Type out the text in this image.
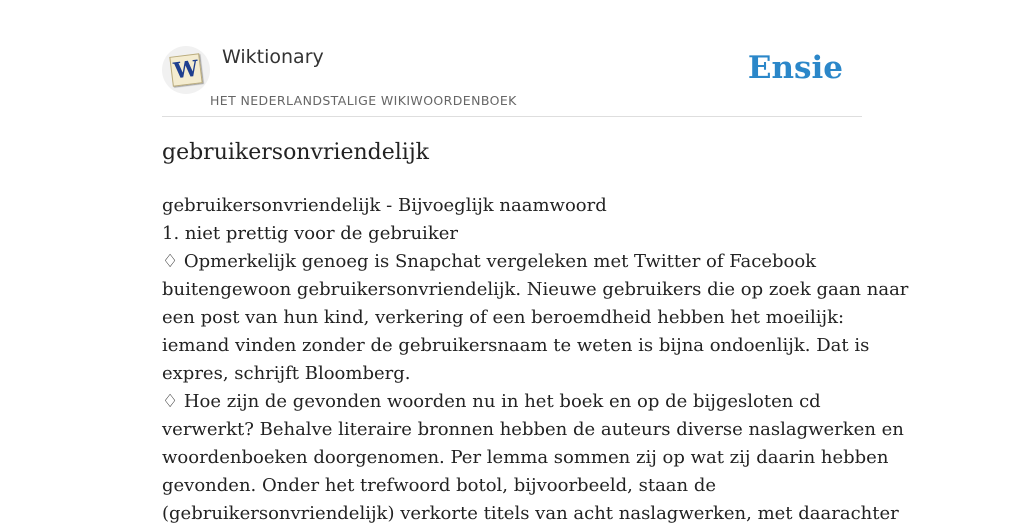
W Wiktionary
HET NEDERLANDSTALIGE WIKIWOORDENBOEK
Ensie
gebruikersonvriendelijk

gebruikersonvriendelijk - Bijvoeglijk naamwoord

1. niet prettig voor de gebruiker

♢ Opmerkelijk genoeg is Snapchat vergeleken met Twitter of Facebook

buitengewoon gebruikersonvriendelijk. Nieuwe gebruikers die op zoek gaan naar

een post van hun kind, verkering of een beroemdheid hebben het moeilijk:

iemand vinden zonder de gebruikersnaam te weten is bijna ondoenlijk. Dat is

expres, schrijft Bloomberg.

♢ Hoe zijn de gevonden woorden nu in het boek en op de bijgesloten cd

verwerkt? Behalve literaire bronnen hebben de auteurs diverse naslagwerken en

woordenboeken doorgenomen. Per lemma sommen zij op wat zij daarin hebben

gevonden. Onder het trefwoord botol, bijvoorbeeld, staan de

(gebruikersonvriendelijk) verkorte titels van acht naslagwerken, met daarachter
